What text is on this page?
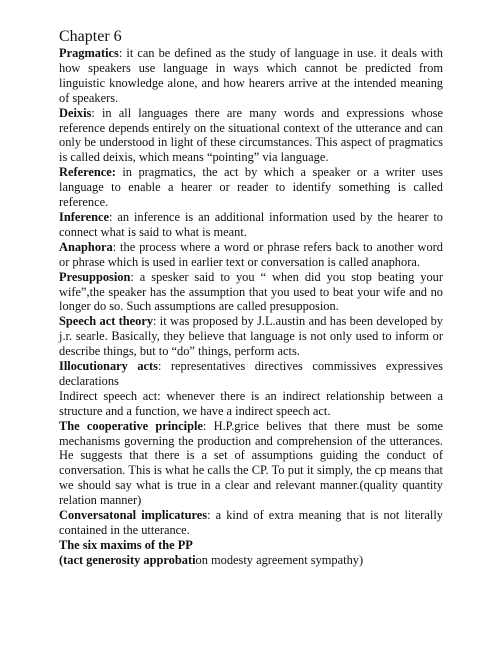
Chapter 6

Pragmatics: it can be defined as the study of language in use. it deals with how speakers use language in ways which cannot be predicted from linguistic knowledge alone, and how hearers arrive at the intended meaning of speakers.

Deixis: in all languages there are many words and expressions whose reference depends entirely on the situational context of the utterance and can only be understood in light of these circumstances. This aspect of pragmatics is called deixis, which means “pointing” via language.

Reference: in pragmatics, the act by which a speaker or a writer uses language to enable a hearer or reader to identify something is called reference.

Inference: an inference is an additional information used by the hearer to connect what is said to what is meant.

Anaphora: the process where a word or phrase refers back to another word or phrase which is used in earlier text or conversation is called anaphora.

Presupposion: a spesker said to you “ when did you stop beating your wife”,the speaker has the assumption that you used to beat your wife and no longer do so. Such assumptions are called presupposion.

Speech act theory: it was proposed by J.L.austin and has been developed by j.r. searle. Basically, they believe that language is not only used to inform or describe things, but to “do” things, perform acts.

Illocutionary acts: representatives directives commissives expressives declarations

Indirect speech act: whenever there is an indirect relationship between a structure and a function, we have a indirect speech act.

The cooperative principle: H.P.grice belives that there must be some mechanisms governing the production and comprehension of the utterances. He suggests that there is a set of assumptions guiding the conduct of conversation. This is what he calls the CP. To put it simply, the cp means that we should say what is true in a clear and relevant manner.(quality quantity relation manner)

Conversatonal implicatures: a kind of extra meaning that is not literally contained in the utterance.

The six maxims of the PP

(tact generosity approbation modesty agreement sympathy)
